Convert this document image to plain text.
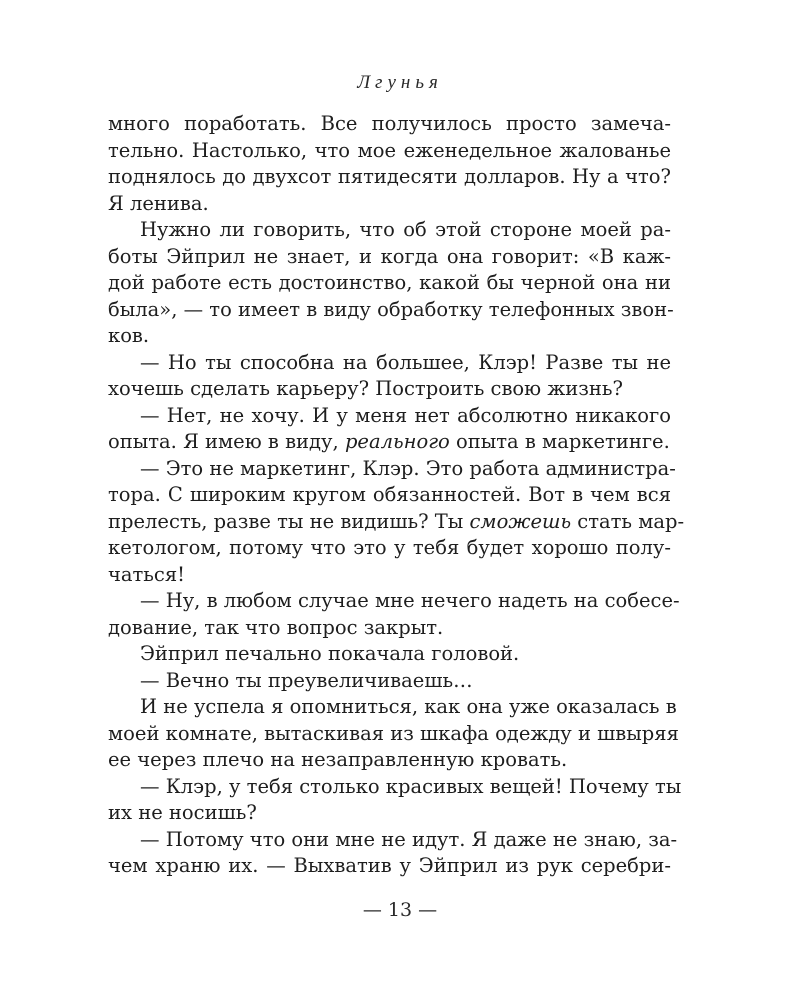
Лгунья
много поработать. Все получилось просто замеча-
тельно. Настолько, что мое еженедельное жалованье
поднялось до двухсот пятидесяти долларов. Ну а что?
Я ленива.
Нужно ли говорить, что об этой стороне моей ра-
боты Эйприл не знает, и когда она говорит: «В каж-
дой работе есть достоинство, какой бы черной она ни
была», — то имеет в виду обработку телефонных звон-
ков.
— Но ты способна на большее, Клэр! Разве ты не
хочешь сделать карьеру? Построить свою жизнь?
— Нет, не хочу. И у меня нет абсолютно никакого
опыта. Я имею в виду, реального опыта в маркетинге.
— Это не маркетинг, Клэр. Это работа администра-
тора. С широким кругом обязанностей. Вот в чем вся
прелесть, разве ты не видишь? Ты сможешь стать мар-
кетологом, потому что это у тебя будет хорошо полу-
чаться!
— Ну, в любом случае мне нечего надеть на собесе-
дование, так что вопрос закрыт.
Эйприл печально покачала головой.
— Вечно ты преувеличиваешь…
И не успела я опомниться, как она уже оказалась в
моей комнате, вытаскивая из шкафа одежду и швыряя
ее через плечо на незаправленную кровать.
— Клэр, у тебя столько красивых вещей! Почему ты
их не носишь?
— Потому что они мне не идут. Я даже не знаю, за-
чем храню их. — Выхватив у Эйприл из рук серебри-
— 13 —
